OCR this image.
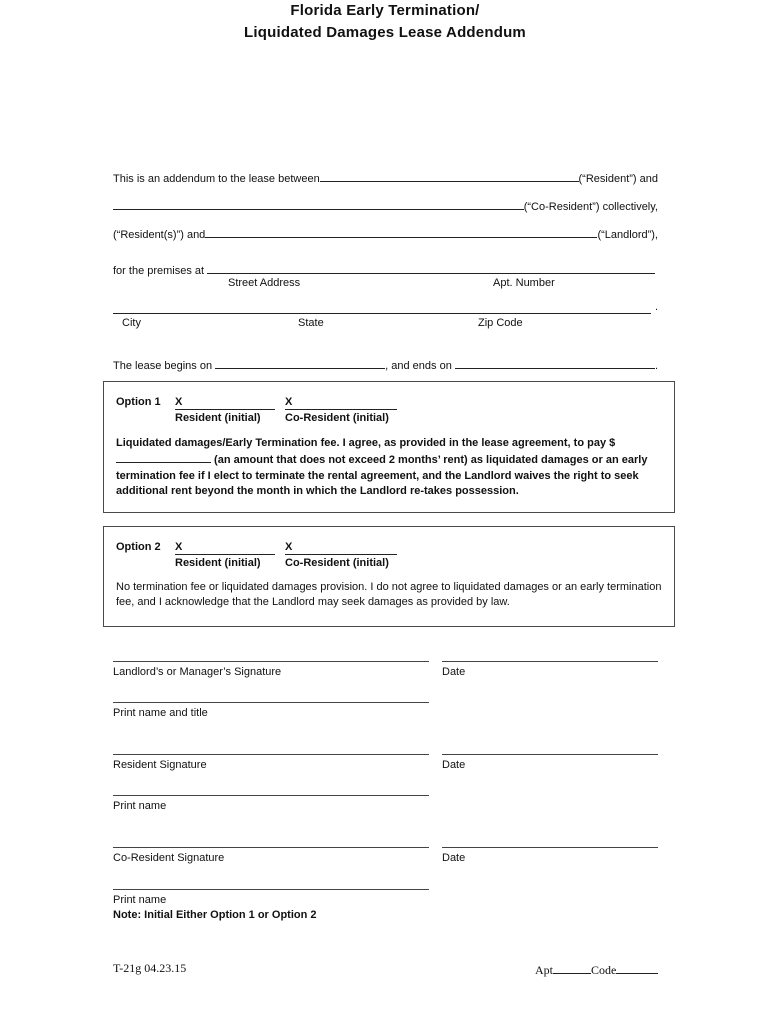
Florida Early Termination/
Liquidated Damages Lease Addendum
This is an addendum to the lease between	(“Resident”) and
(“Co-Resident”) collectively,
(“Resident(s)”) and	(“Landlord”),
for the premises at
Street Address	Apt. Number
.
City	State	Zip Code
The lease begins on	, and ends on	.
Option 1	X
Resident (initial)
X
Co-Resident (initial)
Liquidated damages/Early Termination fee. I agree, as provided in the lease agreement, to pay $ (an amount that does not exceed 2 months’ rent) as liquidated damages or an early termination fee if I elect to terminate the rental agreement, and the Landlord waives the right to seek additional rent beyond the month in which the Landlord re-takes possession.
Option 2	X
Resident (initial)
X
Co-Resident (initial)
No termination fee or liquidated damages provision. I do not agree to liquidated damages or an early termination fee, and I acknowledge that the Landlord may seek damages as provided by law.
Landlord’s or Manager’s Signature	Date
Print name and title
Resident Signature	Date
Print name
Co-Resident Signature	Date
Print name
Note: Initial Either Option 1 or Option 2
T-21g 04.23.15	Apt	Code
